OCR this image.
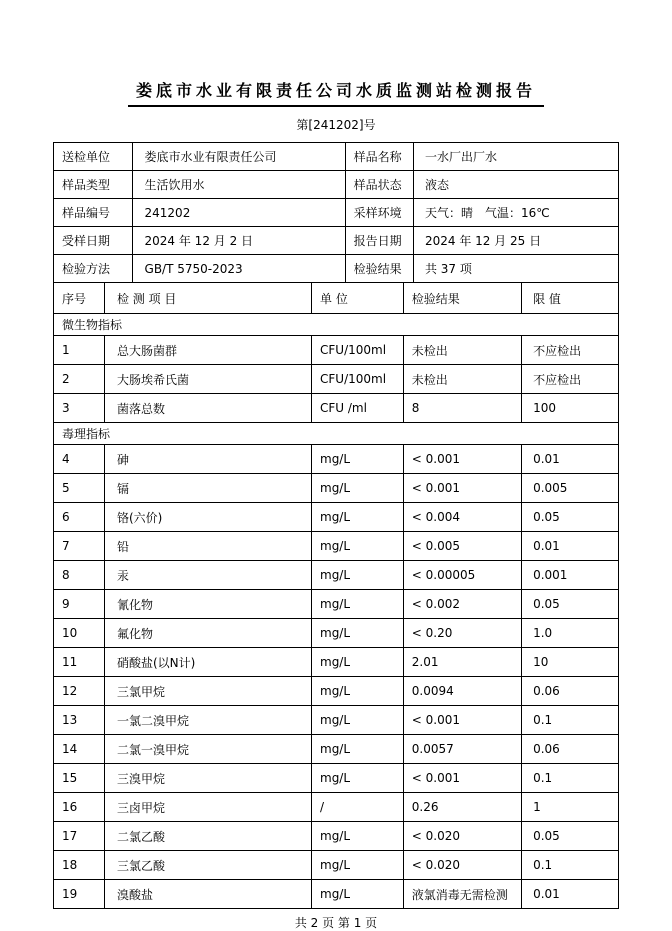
娄底市水业有限责任公司水质监测站检测报告
第[241202]号
送检单位	娄底市水业有限责任公司	样品名称	一水厂出厂水
样品类型	生活饮用水	样品状态	液态
样品编号	241202	采样环境	天气：晴　气温：16℃
受样日期	2024 年 12 月 2 日	报告日期	2024 年 12 月 25 日
检验方法	GB/T 5750-2023	检验结果	共 37 项
序号	检 测 项 目	单 位	检验结果	限 值
微生物指标				
1	总大肠菌群	CFU/100ml	未检出	不应检出
2	大肠埃希氏菌	CFU/100ml	未检出	不应检出
3	菌落总数	CFU /ml	8	100
毒理指标				
4	砷	mg/L	< 0.001	0.01
5	镉	mg/L	< 0.001	0.005
6	铬(六价)	mg/L	< 0.004	0.05
7	铅	mg/L	< 0.005	0.01
8	汞	mg/L	< 0.00005	0.001
9	氰化物	mg/L	< 0.002	0.05
10	氟化物	mg/L	< 0.20	1.0
11	硝酸盐(以N计)	mg/L	2.01	10
12	三氯甲烷	mg/L	0.0094	0.06
13	一氯二溴甲烷	mg/L	< 0.001	0.1
14	二氯一溴甲烷	mg/L	0.0057	0.06
15	三溴甲烷	mg/L	< 0.001	0.1
16	三卤甲烷	/	0.26	1
17	二氯乙酸	mg/L	< 0.020	0.05
18	三氯乙酸	mg/L	< 0.020	0.1
19	溴酸盐	mg/L	液氯消毒无需检测	0.01
共 2 页 第 1 页
